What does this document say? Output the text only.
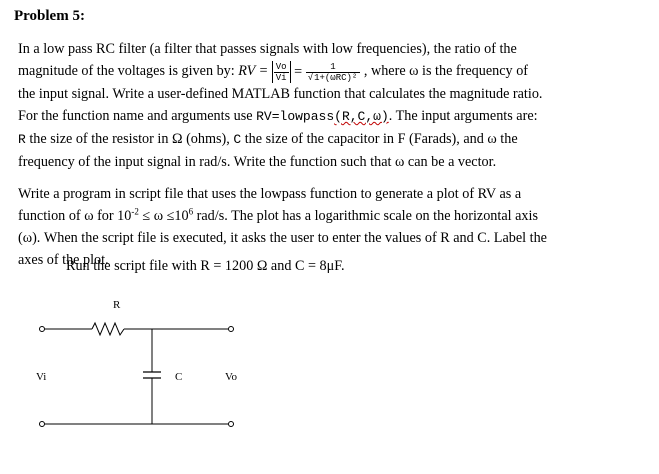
Problem 5:
In a low pass RC filter (a filter that passes signals with low frequencies), the ratio of the
magnitude of the voltages is given by: RV = $\frac{Vo}{Vi} = \frac{1}{\text{√1+(ωRC)²}}$ , where ω is the frequency of
the input signal. Write a user-defined MATLAB function that calculates the magnitude ratio.
For the function name and arguments use RV=lowpass(R,C,ω). The input arguments are:
R the size of the resistor in Ω (ohms), C the size of the capacitor in F (Farads), and ω the
frequency of the input signal in rad/s. Write the function such that ω can be a vector.
Write a program in script file that uses the lowpass function to generate a plot of RV as a
function of ω for $10^{-2} \le \omega \le 10^6$ rad/s. The plot has a logarithmic scale on the horizontal axis
(ω). When the script file is executed, it asks the user to enter the values of R and C. Label the
axes of the plot.
Run the script file with R = 1200 Ω and C = 8μF.
R
C
Vi	Vo
